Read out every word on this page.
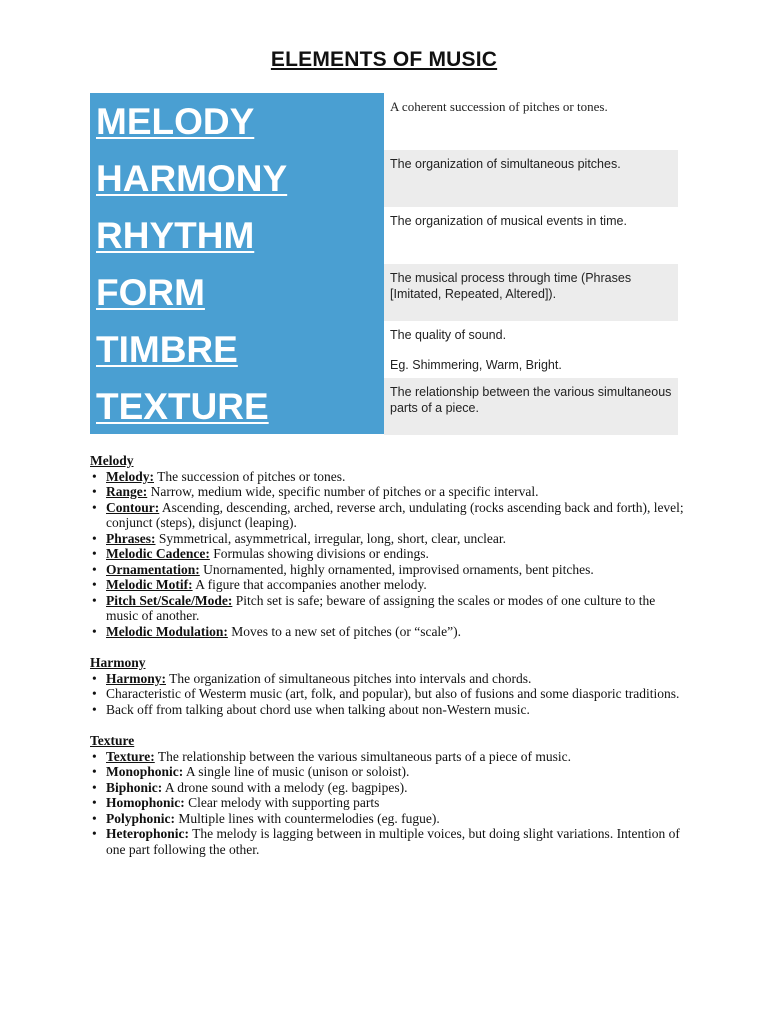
ELEMENTS OF MUSIC
MELODY
HARMONY
RHYTHM
FORM
TIMBRE
TEXTURE
A coherent succession of pitches or tones.
The organization of simultaneous pitches.
The organization of musical events in time.
The musical process through time (Phrases [Imitated, Repeated, Altered]).
The quality of sound.
Eg. Shimmering, Warm, Bright.
The relationship between the various simultaneous parts of a piece.

Melody

• Melody: The succession of pitches or tones.
• Range: Narrow, medium wide, specific number of pitches or a specific interval.
• Contour: Ascending, descending, arched, reverse arch, undulating (rocks ascending back and forth), level; conjunct (steps), disjunct (leaping).
• Phrases: Symmetrical, asymmetrical, irregular, long, short, clear, unclear.
• Melodic Cadence: Formulas showing divisions or endings.
• Ornamentation: Unornamented, highly ornamented, improvised ornaments, bent pitches.
• Melodic Motif: A figure that accompanies another melody.
• Pitch Set/Scale/Mode: Pitch set is safe; beware of assigning the scales or modes of one culture to the music of another.
• Melodic Modulation: Moves to a new set of pitches (or “scale”).

Harmony

• Harmony: The organization of simultaneous pitches into intervals and chords.
• Characteristic of Westerm music (art, folk, and popular), but also of fusions and some diasporic traditions.
• Back off from talking about chord use when talking about non-Western music.

Texture

• Texture: The relationship between the various simultaneous parts of a piece of music.
• Monophonic: A single line of music (unison or soloist).
• Biphonic: A drone sound with a melody (eg. bagpipes).
• Homophonic: Clear melody with supporting parts
• Polyphonic: Multiple lines with countermelodies (eg. fugue).
• Heterophonic: The melody is lagging between in multiple voices, but doing slight variations. Intention of one part following the other.
